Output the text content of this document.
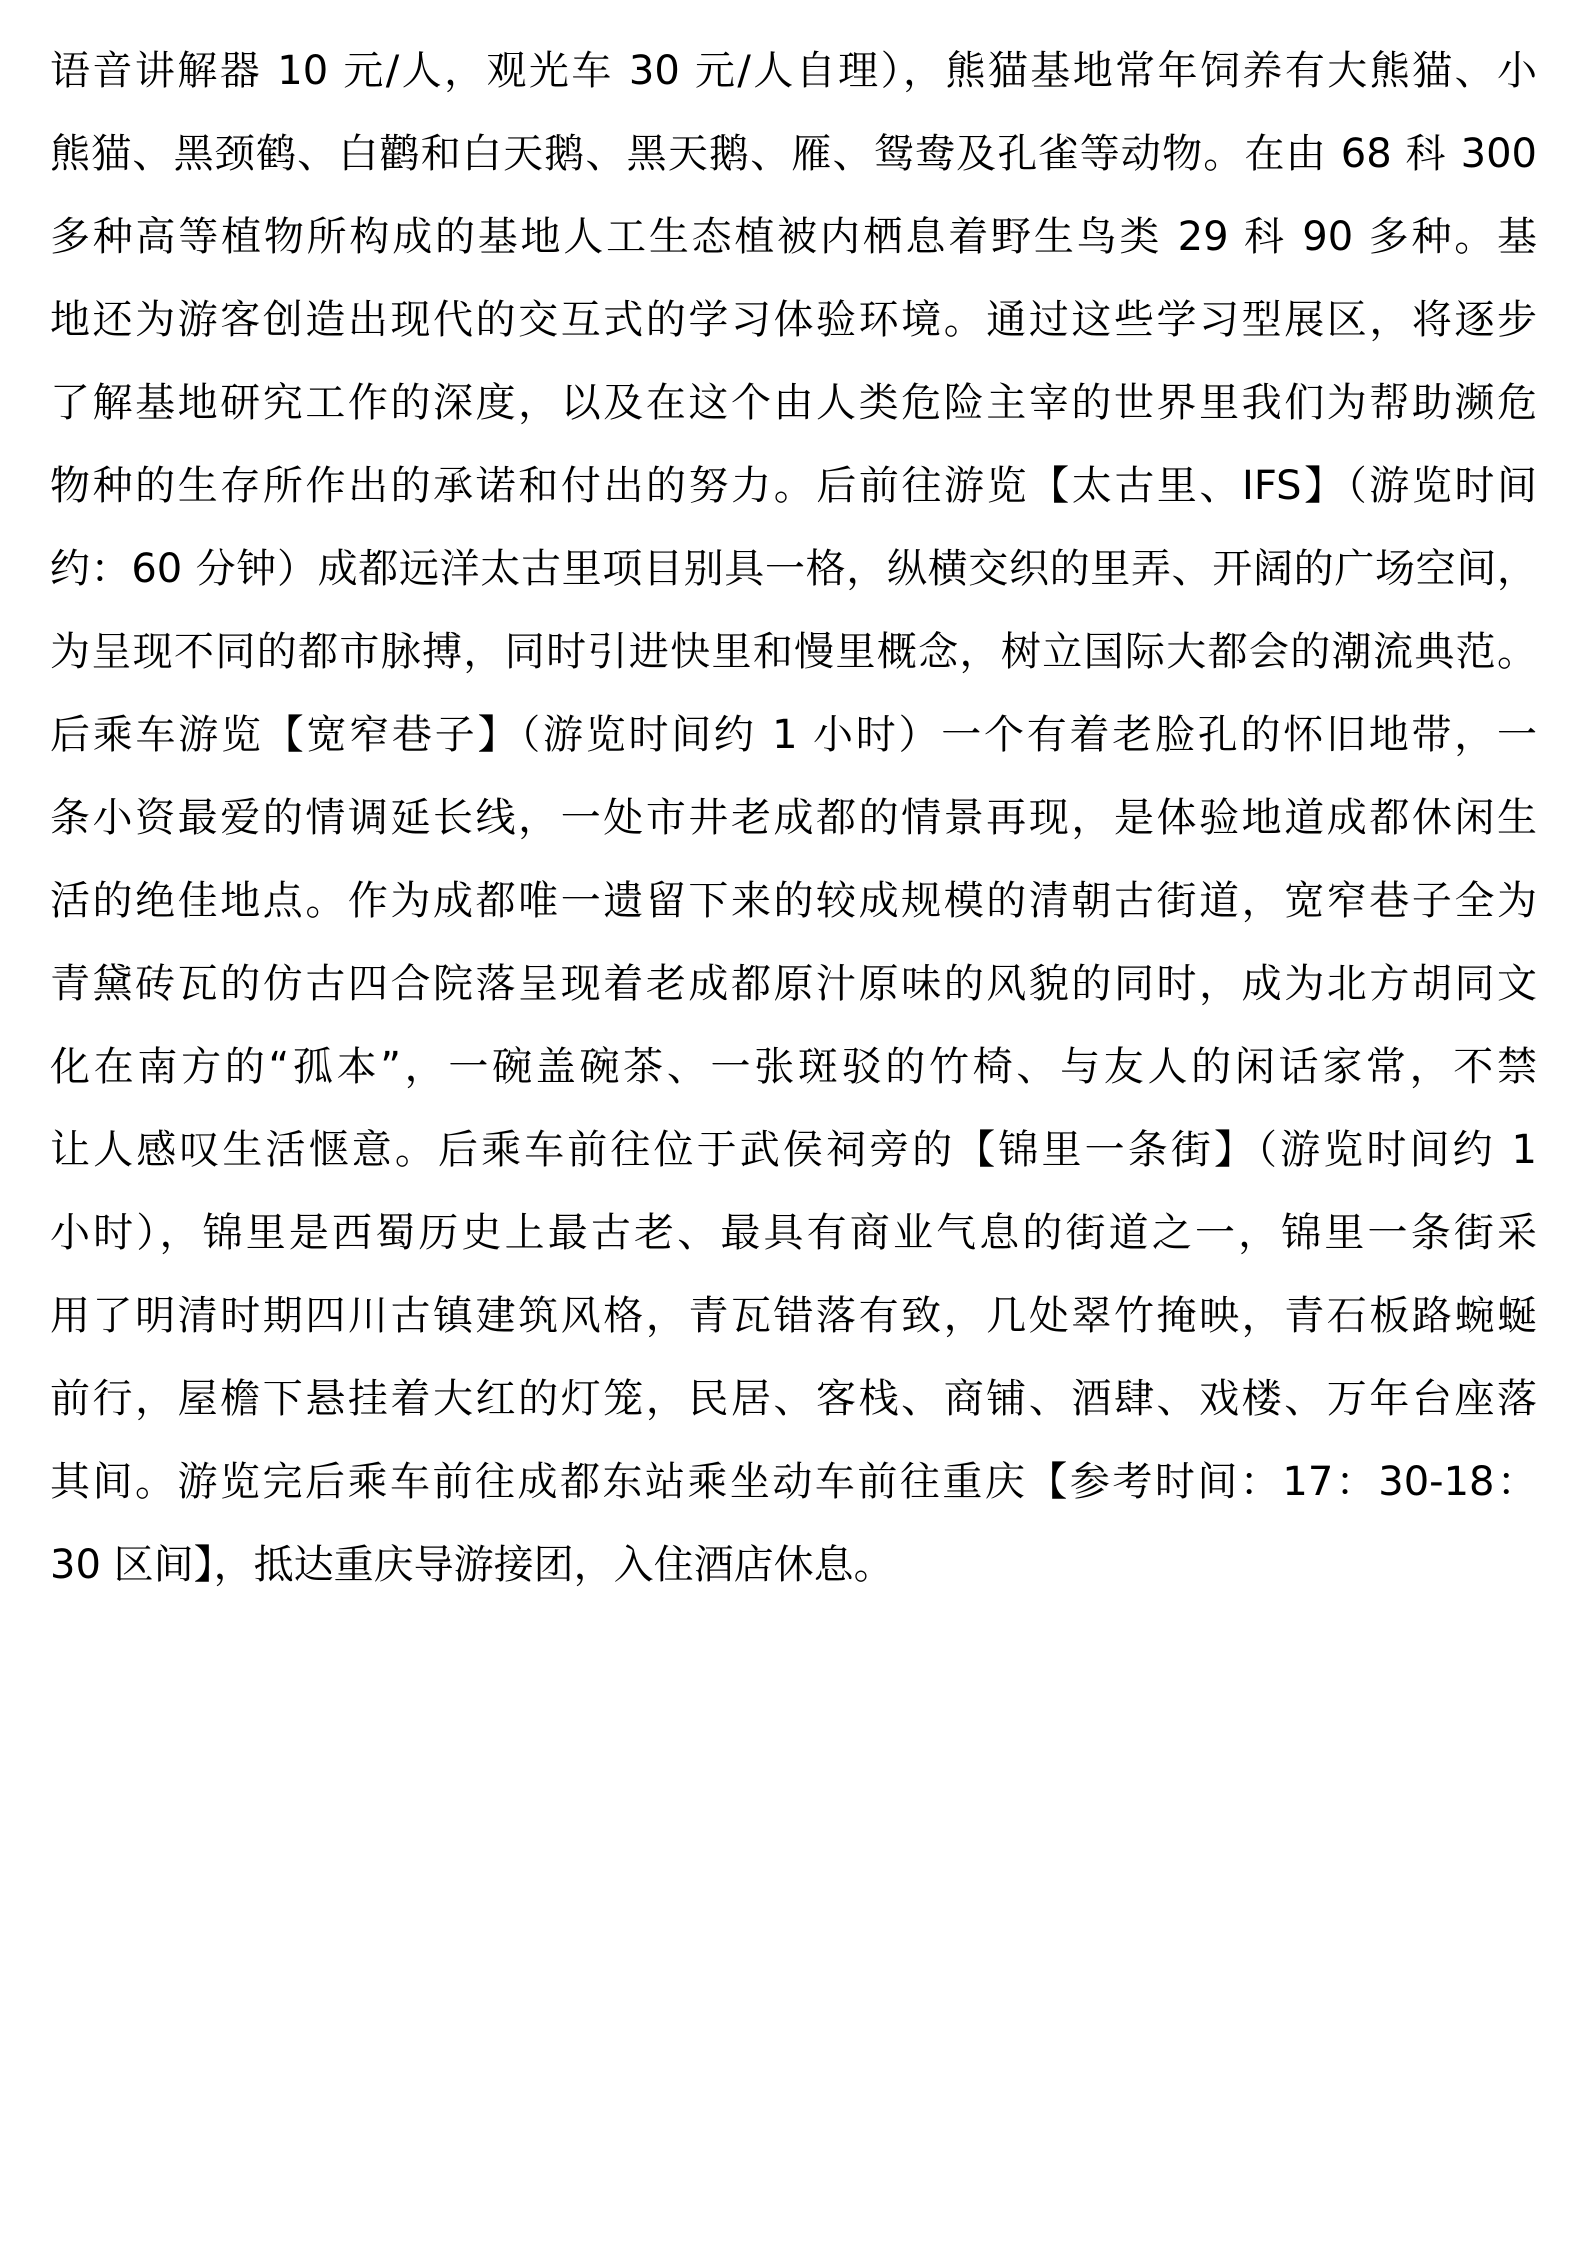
语音讲解器 10 元/人，观光车 30 元/人自理），熊猫基地常年饲养有大熊猫、小
熊猫、黑颈鹤、白鹳和白天鹅、黑天鹅、雁、鸳鸯及孔雀等动物。在由 68 科 300
多种高等植物所构成的基地人工生态植被内栖息着野生鸟类 29 科 90 多种。基
地还为游客创造出现代的交互式的学习体验环境。通过这些学习型展区，将逐步
了解基地研究工作的深度，以及在这个由人类危险主宰的世界里我们为帮助濒危
物种的生存所作出的承诺和付出的努力。后前往游览【太古里、IFS】（游览时间
约：60 分钟）成都远洋太古里项目别具一格，纵横交织的里弄、开阔的广场空间，
为呈现不同的都市脉搏，同时引进快里和慢里概念，树立国际大都会的潮流典范。
后乘车游览【宽窄巷子】（游览时间约 1 小时）一个有着老脸孔的怀旧地带，一
条小资最爱的情调延长线，一处市井老成都的情景再现，是体验地道成都休闲生
活的绝佳地点。作为成都唯一遗留下来的较成规模的清朝古街道，宽窄巷子全为
青黛砖瓦的仿古四合院落呈现着老成都原汁原味的风貌的同时，成为北方胡同文
化在南方的“孤本”，一碗盖碗茶、一张斑驳的竹椅、与友人的闲话家常，不禁
让人感叹生活惬意。后乘车前往位于武侯祠旁的【锦里一条街】（游览时间约 1
小时），锦里是西蜀历史上最古老、最具有商业气息的街道之一，锦里一条街采
用了明清时期四川古镇建筑风格，青瓦错落有致，几处翠竹掩映，青石板路蜿蜒
前行，屋檐下悬挂着大红的灯笼，民居、客栈、商铺、酒肆、戏楼、万年台座落
其间。游览完后乘车前往成都东站乘坐动车前往重庆【参考时间：17：30-18：
30 区间】，抵达重庆导游接团，入住酒店休息。
